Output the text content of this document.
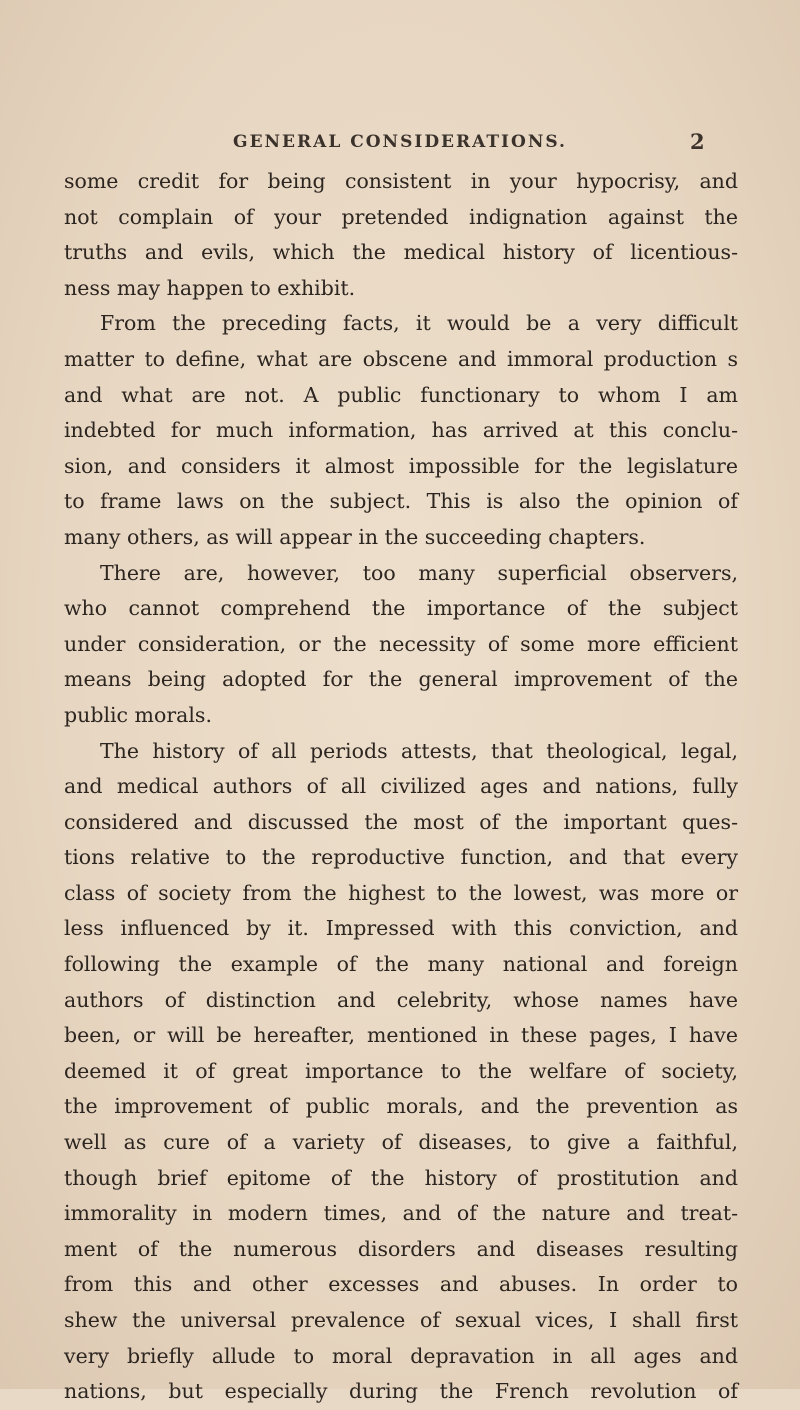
GENERAL CONSIDERATIONS.	2
some credit for being consistent in your hypocrisy, and
not complain of your pretended indignation against the
truths and evils, which the medical history of licentious-
ness may happen to exhibit.
From the preceding facts, it would be a very difficult
matter to define, what are obscene and immoral production s
and what are not. A public functionary to whom I am
indebted for much information, has arrived at this conclu-
sion, and considers it almost impossible for the legislature
to frame laws on the subject. This is also the opinion of
many others, as will appear in the succeeding chapters.
There are, however, too many superficial observers,
who cannot comprehend the importance of the subject
under consideration, or the necessity of some more efficient
means being adopted for the general improvement of the
public morals.
The history of all periods attests, that theological, legal,
and medical authors of all civilized ages and nations, fully
considered and discussed the most of the important ques-
tions relative to the reproductive function, and that every
class of society from the highest to the lowest, was more or
less influenced by it. Impressed with this conviction, and
following the example of the many national and foreign
authors of distinction and celebrity, whose names have
been, or will be hereafter, mentioned in these pages, I have
deemed it of great importance to the welfare of society,
the improvement of public morals, and the prevention as
well as cure of a variety of diseases, to give a faithful,
though brief epitome of the history of prostitution and
immorality in modern times, and of the nature and treat-
ment of the numerous disorders and diseases resulting
from this and other excesses and abuses. In order to
shew the universal prevalence of sexual vices, I shall first
very briefly allude to moral depravation in all ages and
nations, but especially during the French revolution of
